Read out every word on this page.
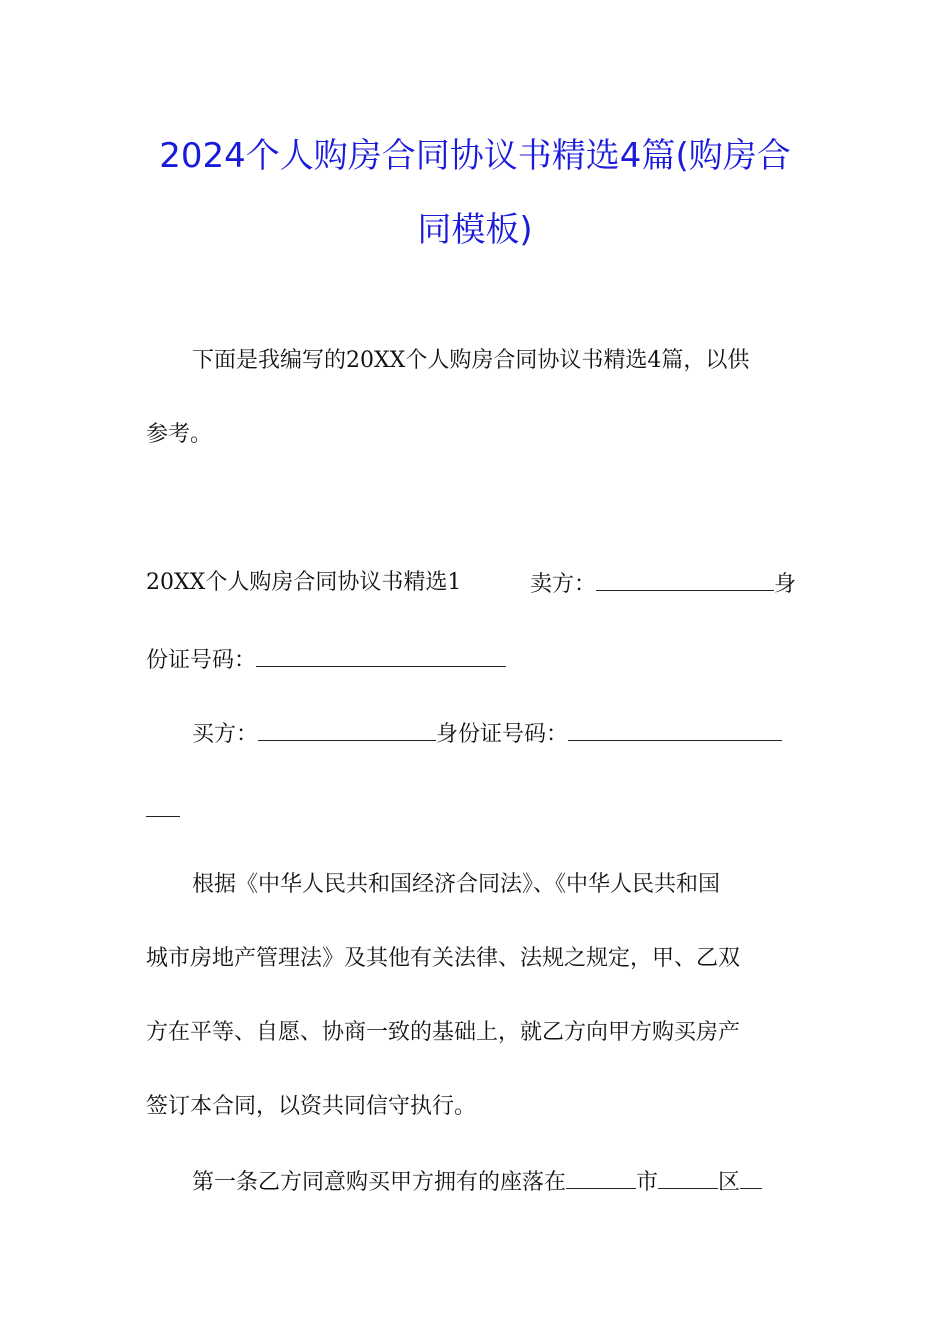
2024个人购房合同协议书精选4篇(购房合
同模板)
下面是我编写的20XX个人购房合同协议书精选4篇，以供
参考。
20XX个人购房合同协议书精选1	卖方：	身
份证号码：
买方：	身份证号码：
根据《中华人民共和国经济合同法》、《中华人民共和国
城市房地产管理法》及其他有关法律、法规之规定，甲、乙双
方在平等、自愿、协商一致的基础上，就乙方向甲方购买房产
签订本合同，以资共同信守执行。
第一条乙方同意购买甲方拥有的座落在	市	区
